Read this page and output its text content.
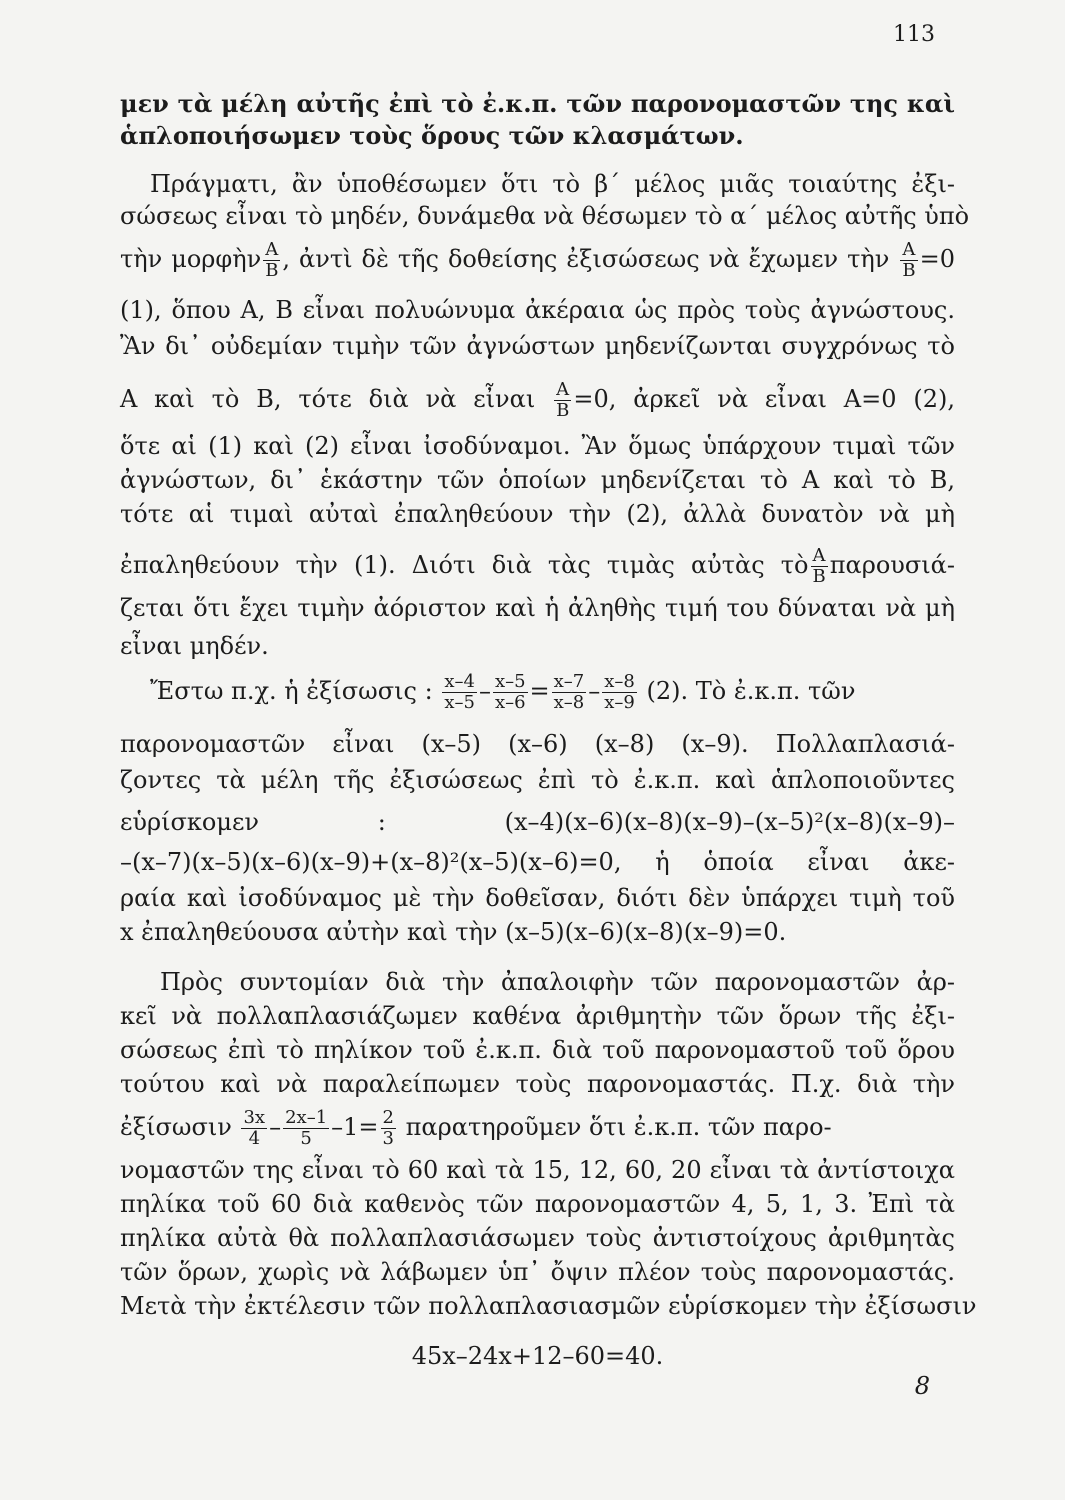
113
μεν τὰ μέλη αὐτῆς ἐπὶ τὸ ἐ.κ.π. τῶν παρονομαστῶν της καὶ
ἁπλοποιήσωμεν τοὺς ὅρους τῶν κλασμάτων.
Πράγματι, ἂν ὑποθέσωμεν ὅτι τὸ β΄ μέλος μιᾶς τοιαύτης ἐξι-
σώσεως εἶναι τὸ μηδέν, δυνάμεθα νὰ θέσωμεν τὸ α΄ μέλος αὐτῆς ὑπὸ
τὴν μορφὴν $\frac{A}{B}$ , ἀντὶ δὲ τῆς δοθείσης ἐξισώσεως νὰ ἔχωμεν τὴν $\frac{A}{B} =0$
(1), ὅπου Α, Β εἶναι πολυώνυμα ἀκέραια ὡς πρὸς τοὺς ἀγνώστους.
Ἂν δι᾽ οὐδεμίαν τιμὴν τῶν ἀγνώστων μηδενίζωνται συγχρόνως τὸ
Α καὶ τὸ Β, τότε διὰ νὰ εἶναι $\frac{A}{B} =0$, ἀρκεῖ νὰ εἶναι Α=0 (2),
ὅτε αἱ (1) καὶ (2) εἶναι ἰσοδύναμοι. Ἂν ὅμως ὑπάρχουν τιμαὶ τῶν
ἀγνώστων, δι᾽ ἑκάστην τῶν ὁποίων μηδενίζεται τὸ Α καὶ τὸ Β,
τότε αἱ τιμαὶ αὐταὶ ἐπαληθεύουν τὴν (2), ἀλλὰ δυνατὸν νὰ μὴ
ἐπαληθεύουν τὴν (1). Διότι διὰ τὰς τιμὰς αὐτὰς τὸ $\frac{A}{B} \pi\alpha\rho o\upsilon\sigma\iota ά-$
ζεται ὅτι ἔχει τιμὴν ἀόριστον καὶ ἡ ἀληθὴς τιμή του δύναται νὰ μὴ
εἶναι μηδέν.
Ἔστω π.χ. ἡ ἐξίσωσις : $\frac{x-4}{x-5} - \frac{x-5}{x-6} = \frac{x-7}{x-8} - \frac{x-8}{x-9} (2)$. Τὸ ἐ.κ.π. τῶν
παρονομαστῶν εἶναι (x–5) (x–6) (x–8) (x–9). Πολλαπλασιά-
ζοντες τὰ μέλη τῆς ἐξισώσεως ἐπὶ τὸ ἐ.κ.π. καὶ ἁπλοποιοῦντες
εὑρίσκομεν :	(x–4)(x–6)(x–8)(x–9)–(x–5)²(x–8)(x–9)–
–(x–7)(x–5)(x–6)(x–9)+(x–8)²(x–5)(x–6)=0, ἡ ὁποία εἶναι ἀκε-
ραία καὶ ἰσοδύναμος μὲ τὴν δοθεῖσαν, διότι δὲν ὑπάρχει τιμὴ τοῦ
x ἐπαληθεύουσα αὐτὴν καὶ τὴν (x–5)(x–6)(x–8)(x–9)=0.
Πρὸς συντομίαν διὰ τὴν ἀπαλοιφὴν τῶν παρονομαστῶν ἀρ-
κεῖ νὰ πολλαπλασιάζωμεν καθένα ἀριθμητὴν τῶν ὅρων τῆς ἐξι-
σώσεως ἐπὶ τὸ πηλίκον τοῦ ἐ.κ.π. διὰ τοῦ παρονομαστοῦ τοῦ ὅρου
τούτου καὶ νὰ παραλείπωμεν τοὺς παρονομαστάς. Π.χ. διὰ τὴν
ἐξίσωσιν $\frac{3x}{4} - \frac{2x-1}{5} -1= \frac{2}{3}$ παρατηροῦμεν ὅτι ἐ.κ.π. τῶν παρο-
νομαστῶν της εἶναι τὸ 60 καὶ τὰ 15, 12, 60, 20 εἶναι τὰ ἀντίστοιχα
πηλίκα τοῦ 60 διὰ καθενὸς τῶν παρονομαστῶν 4, 5, 1, 3. Ἐπὶ τὰ
πηλίκα αὐτὰ θὰ πολλαπλασιάσωμεν τοὺς ἀντιστοίχους ἀριθμητὰς
τῶν ὅρων, χωρὶς νὰ λάβωμεν ὑπ᾽ ὄψιν πλέον τοὺς παρονομαστάς.
Μετὰ τὴν ἐκτέλεσιν τῶν πολλαπλασιασμῶν εὑρίσκομεν τὴν ἐξίσωσιν
45x–24x+12–60=40.
8
